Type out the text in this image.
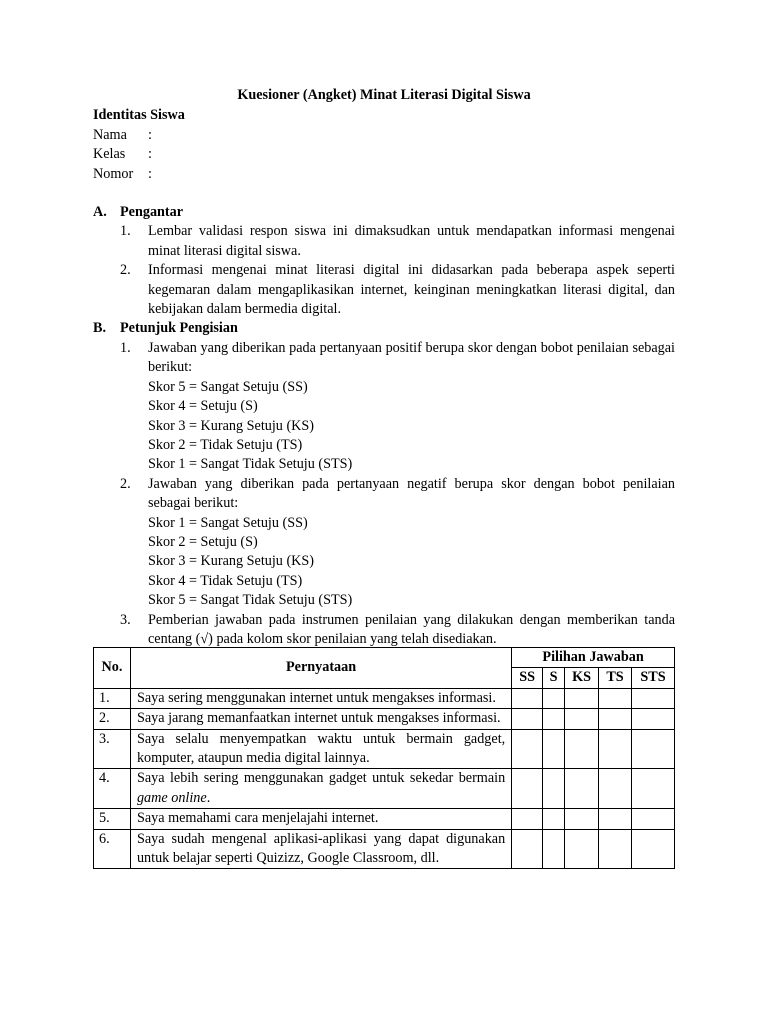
Kuesioner (Angket) Minat Literasi Digital Siswa
Identitas Siswa
Nama	:
Kelas	:
Nomor	:
A. Pengantar
1.	Lembar validasi respon siswa ini dimaksudkan untuk mendapatkan informasi mengenai minat literasi digital siswa.
2.	Informasi mengenai minat literasi digital ini didasarkan pada beberapa aspek seperti kegemaran dalam mengaplikasikan internet, keinginan meningkatkan literasi digital, dan kebijakan dalam bermedia digital.
B. Petunjuk Pengisian
1.	Jawaban yang diberikan pada pertanyaan positif berupa skor dengan bobot penilaian sebagai berikut:

Skor 5 = Sangat Setuju (SS)

Skor 4 = Setuju (S)

Skor 3 = Kurang Setuju (KS)

Skor 2 = Tidak Setuju (TS)

Skor 1 = Sangat Tidak Setuju (STS)

2.	Jawaban yang diberikan pada pertanyaan negatif berupa skor dengan bobot penilaian sebagai berikut:

Skor 1 = Sangat Setuju (SS)

Skor 2 = Setuju (S)

Skor 3 = Kurang Setuju (KS)

Skor 4 = Tidak Setuju (TS)

Skor 5 = Sangat Tidak Setuju (STS)

3.	Pemberian jawaban pada instrumen penilaian yang dilakukan dengan memberikan tanda centang (√) pada kolom skor penilaian yang telah disediakan.
No.	Pernyataan	Pilihan Jawaban				
		SS	S	KS	TS	STS
1.	Saya sering menggunakan internet untuk mengakses informasi.					
2.	Saya jarang memanfaatkan internet untuk mengakses informasi.					
3.	Saya selalu menyempatkan waktu untuk bermain gadget, komputer, ataupun media digital lainnya.					
4.	Saya lebih sering menggunakan gadget untuk sekedar bermain game online.					
5.	Saya memahami cara menjelajahi internet.					
6.	Saya sudah mengenal aplikasi-aplikasi yang dapat digunakan untuk belajar seperti Quizizz, Google Classroom, dll.					
